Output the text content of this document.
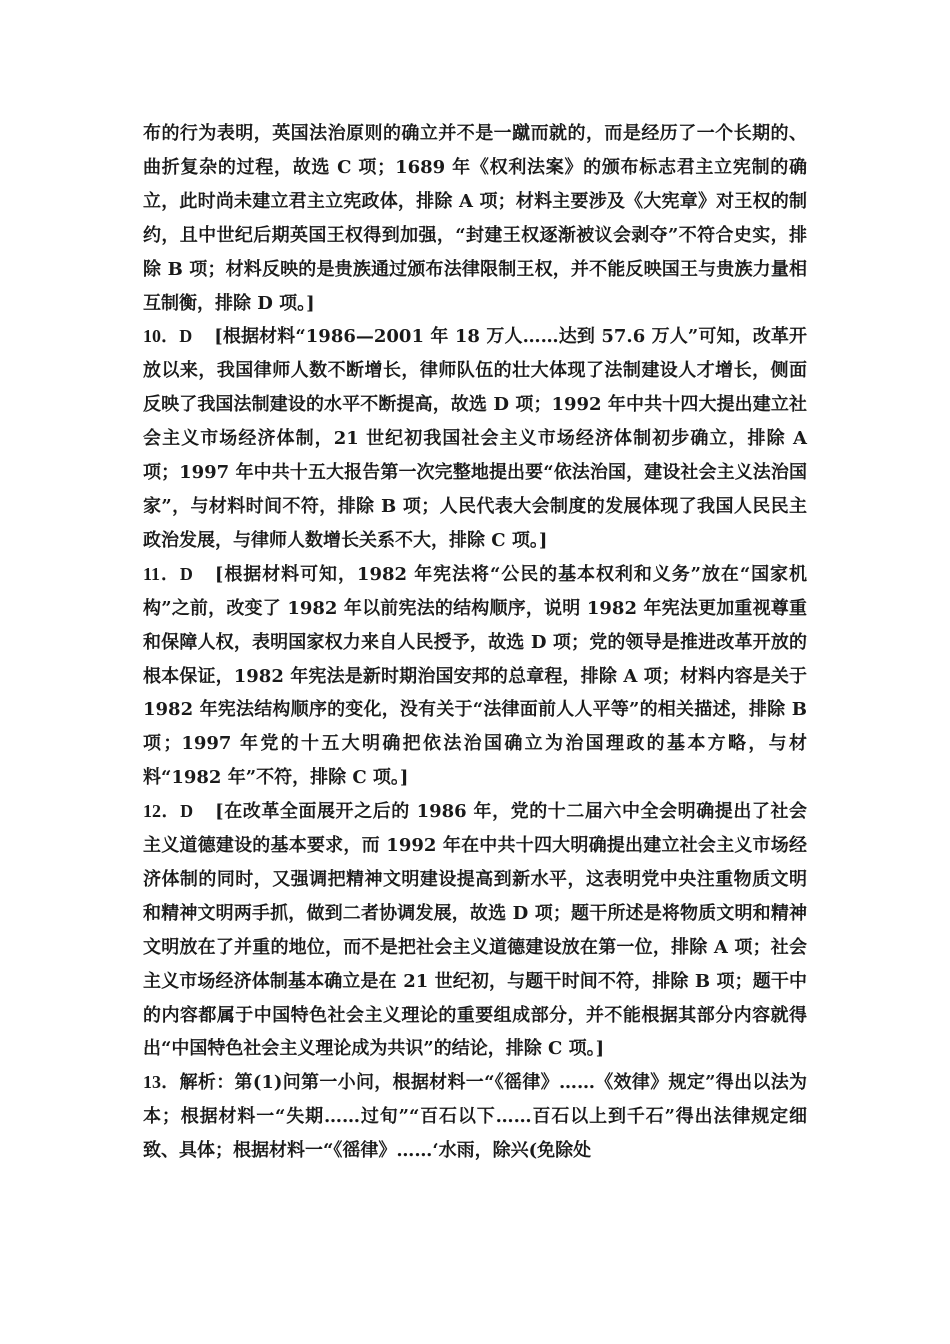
布的行为表明，英国法治原则的确立并不是一蹴而就的，而是经历了一个长期的、曲折复杂的过程，故选 C 项；1689 年《权利法案》的颁布标志君主立宪制的确立，此时尚未建立君主立宪政体，排除 A 项；材料主要涉及《大宪章》对王权的制约，且中世纪后期英国王权得到加强，“封建王权逐渐被议会剥夺”不符合史实，排除 B 项；材料反映的是贵族通过颁布法律限制王权，并不能反映国王与贵族力量相互制衡，排除 D 项。]

10．D [根据材料“1986—2001 年 18 万人……达到 57.6 万人”可知，改革开放以来，我国律师人数不断增长，律师队伍的壮大体现了法制建设人才增长，侧面反映了我国法制建设的水平不断提高，故选 D 项；1992 年中共十四大提出建立社会主义市场经济体制，21 世纪初我国社会主义市场经济体制初步确立，排除 A 项；1997 年中共十五大报告第一次完整地提出要“依法治国，建设社会主义法治国家”，与材料时间不符，排除 B 项；人民代表大会制度的发展体现了我国人民民主政治发展，与律师人数增长关系不大，排除 C 项。]

11．D [根据材料可知，1982 年宪法将“公民的基本权利和义务”放在“国家机构”之前，改变了 1982 年以前宪法的结构顺序，说明 1982 年宪法更加重视尊重和保障人权，表明国家权力来自人民授予，故选 D 项；党的领导是推进改革开放的根本保证，1982 年宪法是新时期治国安邦的总章程，排除 A 项；材料内容是关于 1982 年宪法结构顺序的变化，没有关于“法律面前人人平等”的相关描述，排除 B 项；1997 年党的十五大明确把依法治国确立为治国理政的基本方略，与材料“1982 年”不符，排除 C 项。]

12．D [在改革全面展开之后的 1986 年，党的十二届六中全会明确提出了社会主义道德建设的基本要求，而 1992 年在中共十四大明确提出建立社会主义市场经济体制的同时，又强调把精神文明建设提高到新水平，这表明党中央注重物质文明和精神文明两手抓，做到二者协调发展，故选 D 项；题干所述是将物质文明和精神文明放在了并重的地位，而不是把社会主义道德建设放在第一位，排除 A 项；社会主义市场经济体制基本确立是在 21 世纪初，与题干时间不符，排除 B 项；题干中的内容都属于中国特色社会主义理论的重要组成部分，并不能根据其部分内容就得出“中国特色社会主义理论成为共识”的结论，排除 C 项。]

13．解析：第(1)问第一小问，根据材料一“《徭律》……《效律》规定”得出以法为本；根据材料一“失期……过旬”“百石以下……百石以上到千石”得出法律规定细致、具体；根据材料一“《徭律》……‘水雨，除兴(免除处
